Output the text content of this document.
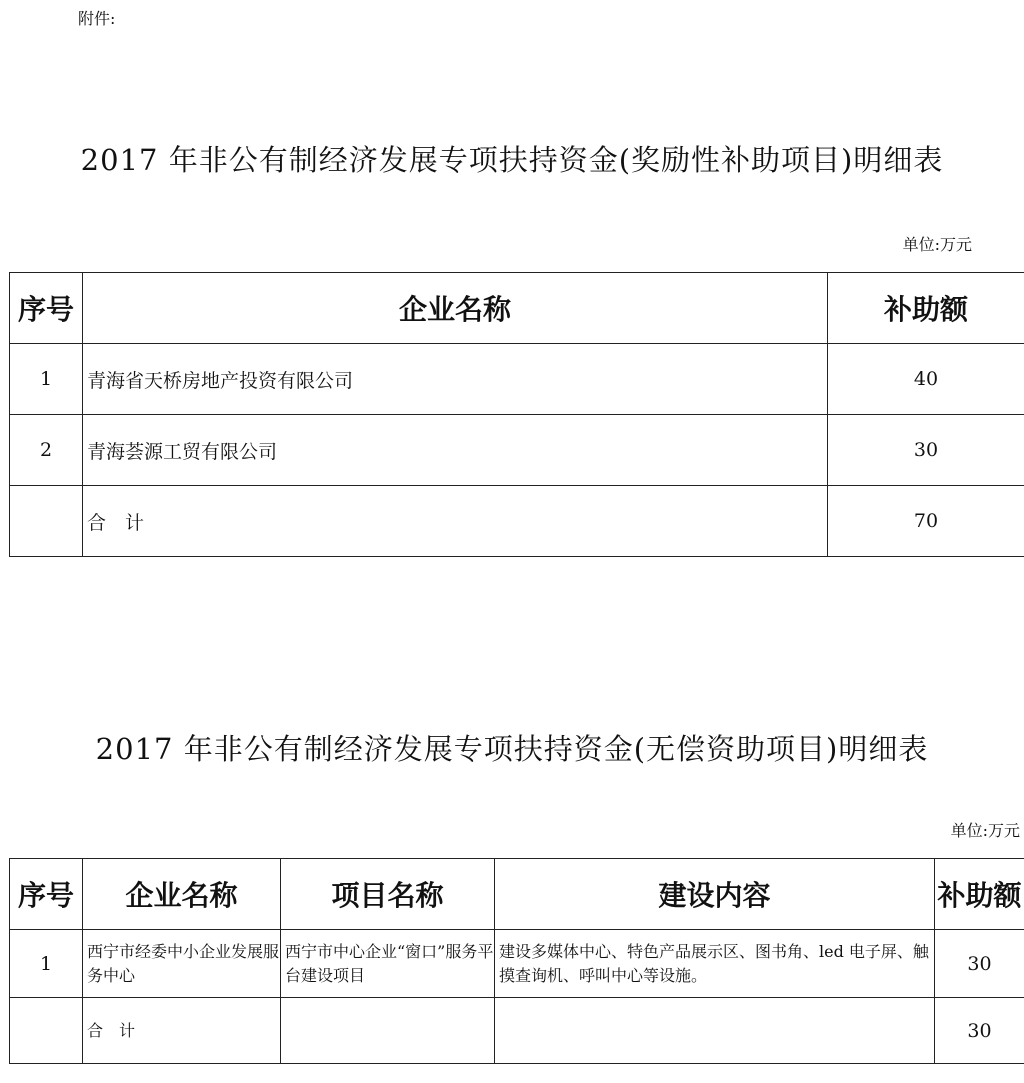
附件:
2017 年非公有制经济发展专项扶持资金(奖励性补助项目)明细表
单位:万元
序号	企业名称	补助额
1	青海省天桥房地产投资有限公司	40
2	青海荟源工贸有限公司	30
	合　计	70
2017 年非公有制经济发展专项扶持资金(无偿资助项目)明细表
单位:万元
序号	企业名称	项目名称	建设内容	补助额
1	西宁市经委中小企业发展服务中心	西宁市中心企业“窗口”服务平台建设项目	建设多媒体中心、特色产品展示区、图书角、led 电子屏、触摸查询机、呼叫中心等设施。	30
	合　计			30
